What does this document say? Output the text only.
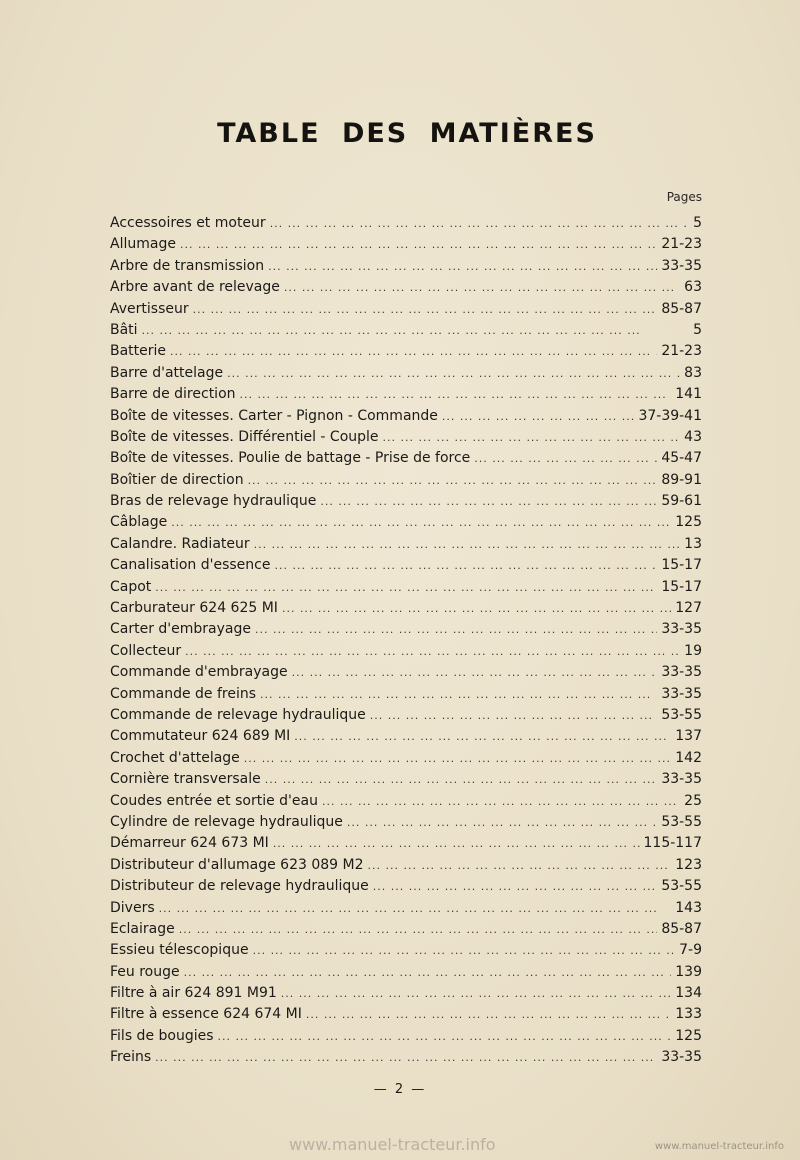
TABLE DES MATIÈRES
Pages
Accessoires et moteur ... .	5
Allumage ... .	21-23
Arbre de transmission ... .	33-35
Arbre avant de relevage ... .	63
Avertisseur ... .	85-87
Bâti ... .	5
Batterie ... .	21-23
Barre d'attelage ... .	83
Barre de direction ... .	141
Boîte de vitesses. Carter - Pignon - Commande ... .	37-39-41
Boîte de vitesses. Différentiel - Couple ... .	43
Boîte de vitesses. Poulie de battage - Prise de force ... .	45-47
Boîtier de direction ... .	89-91
Bras de relevage hydraulique ... .	59-61
Câblage ... .	125
Calandre. Radiateur ... .	13
Canalisation d'essence ... .	15-17
Capot ... .	15-17
Carburateur 624 625 MI ... .	127
Carter d'embrayage ... .	33-35
Collecteur ... .	19
Commande d'embrayage ... .	33-35
Commande de freins ... .	33-35
Commande de relevage hydraulique ... .	53-55
Commutateur 624 689 MI ... .	137
Crochet d'attelage ... .	142
Cornière transversale ... .	33-35
Coudes entrée et sortie d'eau ... .	25
Cylindre de relevage hydraulique ... .	53-55
Démarreur 624 673 MI ... .	115-117
Distributeur d'allumage 623 089 M2 ... .	123
Distributeur de relevage hydraulique ... .	53-55
Divers ... .	143
Eclairage ... .	85-87
Essieu télescopique ... .	7-9
Feu rouge ... .	139
Filtre à air 624 891 M91 ... .	134
Filtre à essence 624 674 MI ... .	133
Fils de bougies ... .	125
Freins ... .	33-35
— 2 —
www.manuel-tracteur.info	www.manuel-tracteur.info
